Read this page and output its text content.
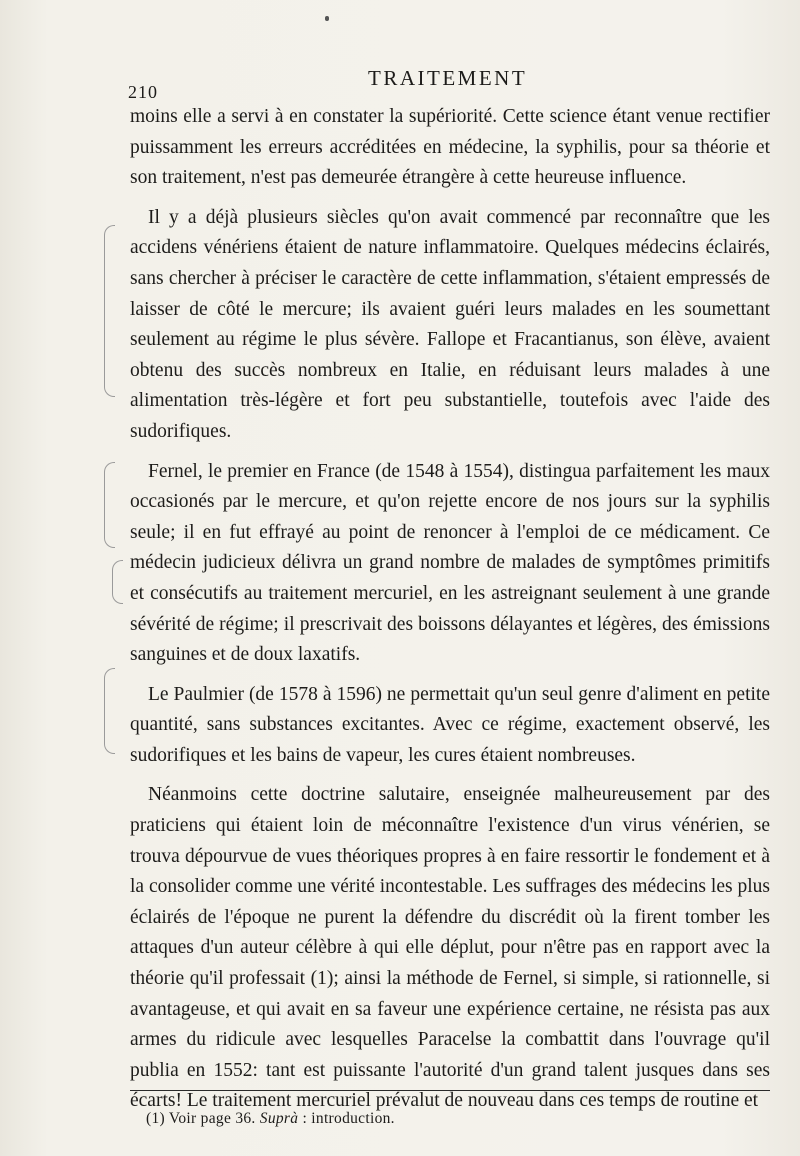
210
TRAITEMENT

moins elle a servi à en constater la supériorité. Cette science étant venue rectifier puissamment les erreurs accréditées en médecine, la syphilis, pour sa théorie et son traitement, n'est pas demeurée étrangère à cette heureuse influence.

Il y a déjà plusieurs siècles qu'on avait commencé par reconnaître que les accidens vénériens étaient de nature inflammatoire. Quelques médecins éclairés, sans chercher à préciser le caractère de cette inflammation, s'étaient empressés de laisser de côté le mercure; ils avaient guéri leurs malades en les soumettant seulement au régime le plus sévère. Fallope et Fracantianus, son élève, avaient obtenu des succès nombreux en Italie, en réduisant leurs malades à une alimentation très-légère et fort peu substantielle, toutefois avec l'aide des sudorifiques.

Fernel, le premier en France (de 1548 à 1554), distingua parfaitement les maux occasionés par le mercure, et qu'on rejette encore de nos jours sur la syphilis seule; il en fut effrayé au point de renoncer à l'emploi de ce médicament. Ce médecin judicieux délivra un grand nombre de malades de symptômes primitifs et consécutifs au traitement mercuriel, en les astreignant seulement à une grande sévérité de régime; il prescrivait des boissons délayantes et légères, des émissions sanguines et de doux laxatifs.

Le Paulmier (de 1578 à 1596) ne permettait qu'un seul genre d'aliment en petite quantité, sans substances excitantes. Avec ce régime, exactement observé, les sudorifiques et les bains de vapeur, les cures étaient nombreuses.

Néanmoins cette doctrine salutaire, enseignée malheureusement par des praticiens qui étaient loin de méconnaître l'existence d'un virus vénérien, se trouva dépourvue de vues théoriques propres à en faire ressortir le fondement et à la consolider comme une vérité incontestable. Les suffrages des médecins les plus éclairés de l'époque ne purent la défendre du discrédit où la firent tomber les attaques d'un auteur célèbre à qui elle déplut, pour n'être pas en rapport avec la théorie qu'il professait (1); ainsi la méthode de Fernel, si simple, si rationnelle, si avantageuse, et qui avait en sa faveur une expérience certaine, ne résista pas aux armes du ridicule avec lesquelles Paracelse la combattit dans l'ouvrage qu'il publia en 1552: tant est puissante l'autorité d'un grand talent jusques dans ses écarts! Le traitement mercuriel prévalut de nouveau dans ces temps de routine et

(1) Voir page 36. Suprà : introduction.
